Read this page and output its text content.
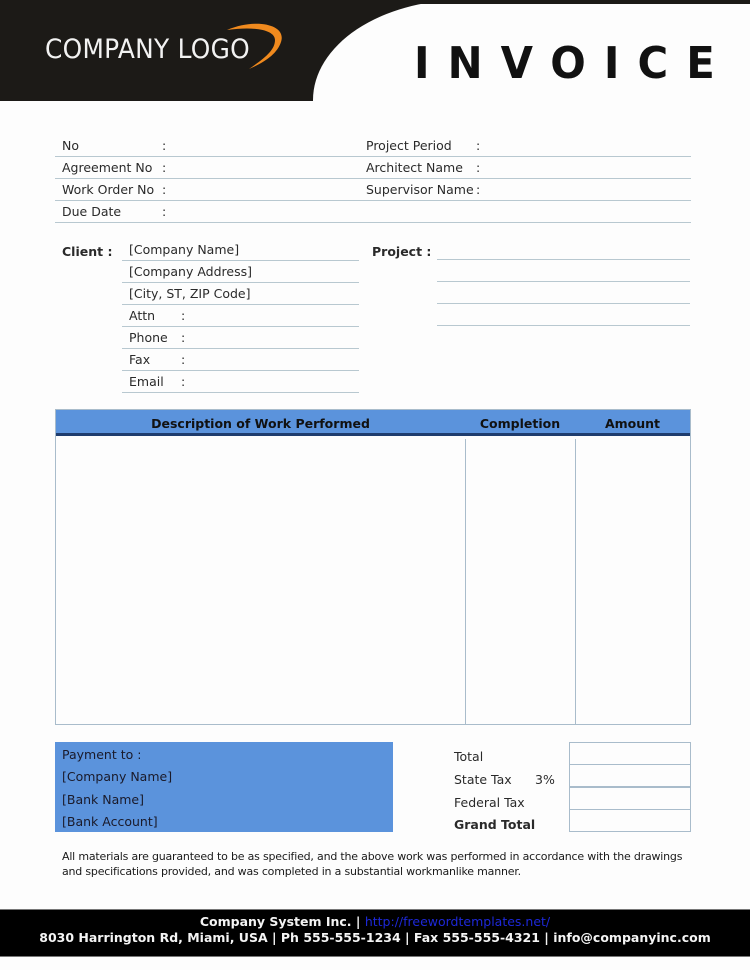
COMPANY LOGO	INVOICE
No	:
Agreement No :
Work Order No :
Due Date	:
Project Period :
Architect Name :
Supervisor Name :
Client : [Company Name]
[Company Address]
[City, ST, ZIP Code]
Attn :
Phone :
Fax :
Email :
Project :
Description of Work Performed	Completion	Amount
Payment to :
[Company Name]
[Bank Name]
[Bank Account]
Total
State Tax 3%
Federal Tax
Grand Total
All materials are guaranteed to be as specified, and the above work was performed in accordance with the drawings and specifications provided, and was completed in a substantial workmanlike manner.
Company System Inc. | http://freewordtemplates.net/
8030 Harrington Rd, Miami, USA | Ph 555-555-1234 | Fax 555-555-4321 | info@companyinc.com
